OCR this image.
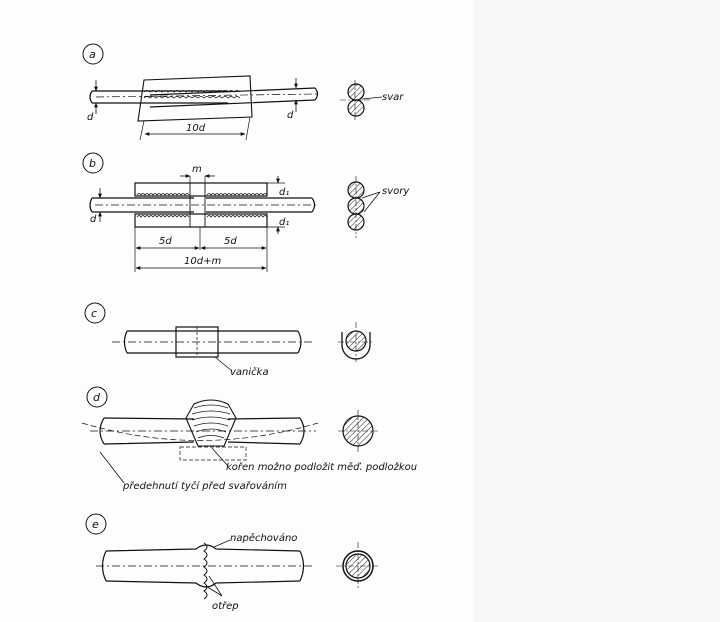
a
d	d
10d
svar
b	m
d
d₁
d₁
5d	5d
10d+m
svory
c
vanička
d
kořen možno podložit měď. podložkou
předehnutí tyčí před svařováním
e
napěchováno
otřep
